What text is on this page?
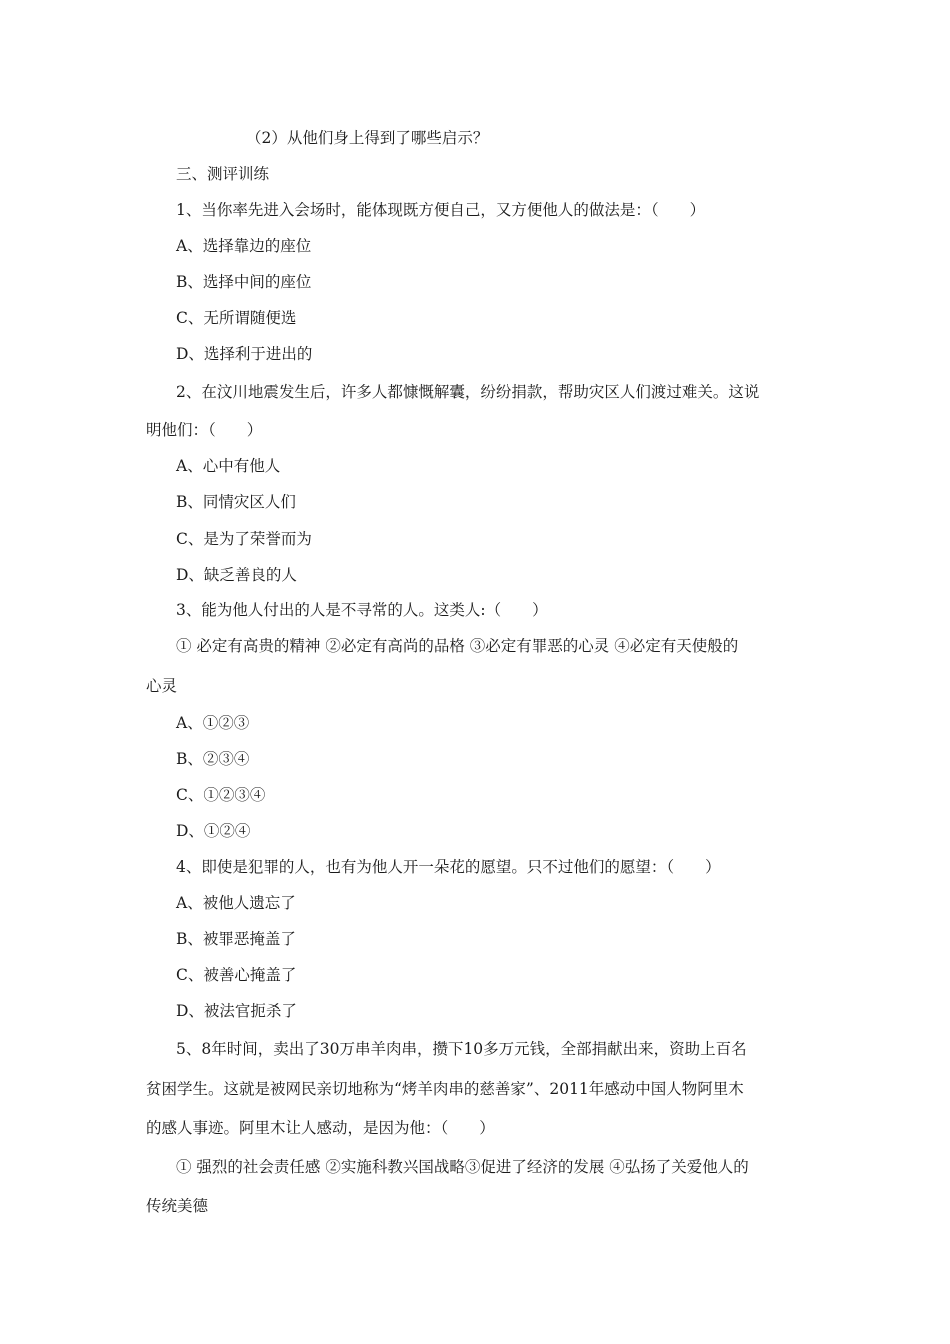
（2）从他们身上得到了哪些启示？
三、测评训练
1、当你率先进入会场时，能体现既方便自己，又方便他人的做法是：（　　）
A、选择靠边的座位
B、选择中间的座位
C、无所谓随便选
D、选择利于进出的
2、在汶川地震发生后，许多人都慷慨解囊，纷纷捐款，帮助灾区人们渡过难关。这说
明他们：（　　）
A、心中有他人
B、同情灾区人们
C、是为了荣誉而为
D、缺乏善良的人
3、能为他人付出的人是不寻常的人。这类人:（　　）
① 必定有高贵的精神 ②必定有高尚的品格 ③必定有罪恶的心灵 ④必定有天使般的
心灵
A、①②③
B、②③④
C、①②③④
D、①②④
4、即使是犯罪的人，也有为他人开一朵花的愿望。只不过他们的愿望：（　　）
A、被他人遗忘了
B、被罪恶掩盖了
C、被善心掩盖了
D、被法官扼杀了
5、8年时间，卖出了30万串羊肉串，攒下10多万元钱，全部捐献出来，资助上百名
贫困学生。这就是被网民亲切地称为“烤羊肉串的慈善家”、2011年感动中国人物阿里木
的感人事迹。阿里木让人感动，是因为他：（　　）
① 强烈的社会责任感 ②实施科教兴国战略③促进了经济的发展 ④弘扬了关爱他人的
传统美德
